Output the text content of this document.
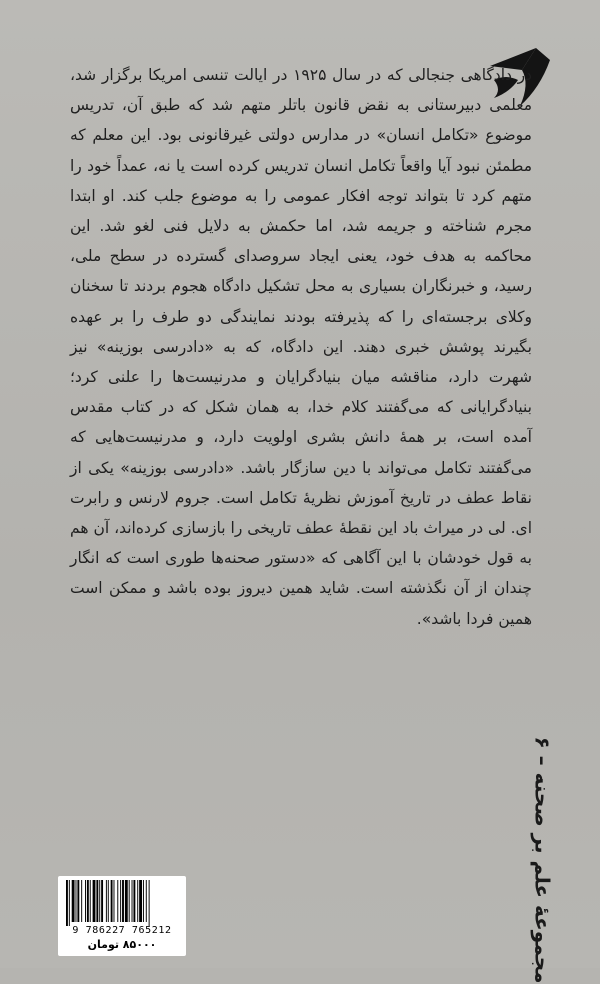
در دادگاهی جنجالی که در سال ۱۹۲۵ در ایالت تنسی امریکا برگزار شد، معلمی دبیرستانی به نقض قانون باتلر متهم شد که طبق آن، تدریس موضوع «تکامل انسان» در مدارس دولتی غیرقانونی بود. این معلم که مطمئن نبود آیا واقعاً تکامل انسان تدریس کرده است یا نه، عمداً خود را متهم کرد تا بتواند توجه افکار عمومی را به موضوع جلب کند. او ابتدا مجرم شناخته و جریمه شد، اما حکمش به دلایل فنی لغو شد. این محاکمه به هدف خود، یعنی ایجاد سروصدای گسترده در سطح ملی، رسید، و خبرنگاران بسیاری به محل تشکیل دادگاه هجوم بردند تا سخنان وکلای برجسته‌ای را که پذیرفته بودند نمایندگی دو طرف را بر عهده بگیرند پوشش خبری دهند. این دادگاه، که به «دادرسی بوزینه» نیز شهرت دارد، مناقشه میان بنیادگرایان و مدرنیست‌ها را علنی کرد؛ بنیادگرایانی که می‌گفتند کلام خدا، به همان شکل که در کتاب مقدس آمده است، بر همهٔ دانش بشری اولویت دارد، و مدرنیست‌هایی که می‌گفتند تکامل می‌تواند با دین سازگار باشد. «دادرسی بوزینه» یکی از نقاط عطف در تاریخ آموزش نظریهٔ تکامل است. جروم لارنس و رابرت ای. لی در میراث باد این نقطهٔ عطف تاریخی را بازسازی کرده‌اند، آن هم به قول خودشان با این آگاهی که «دستور صحنه‌ها طوری است که انگار چندان از آن نگذشته است. شاید همین دیروز بوده باشد و ممکن است همین فردا باشد».

مجموعهٔ علم بر صحنه – ۶
9 786227 765212
۸۵۰۰۰ تومان
